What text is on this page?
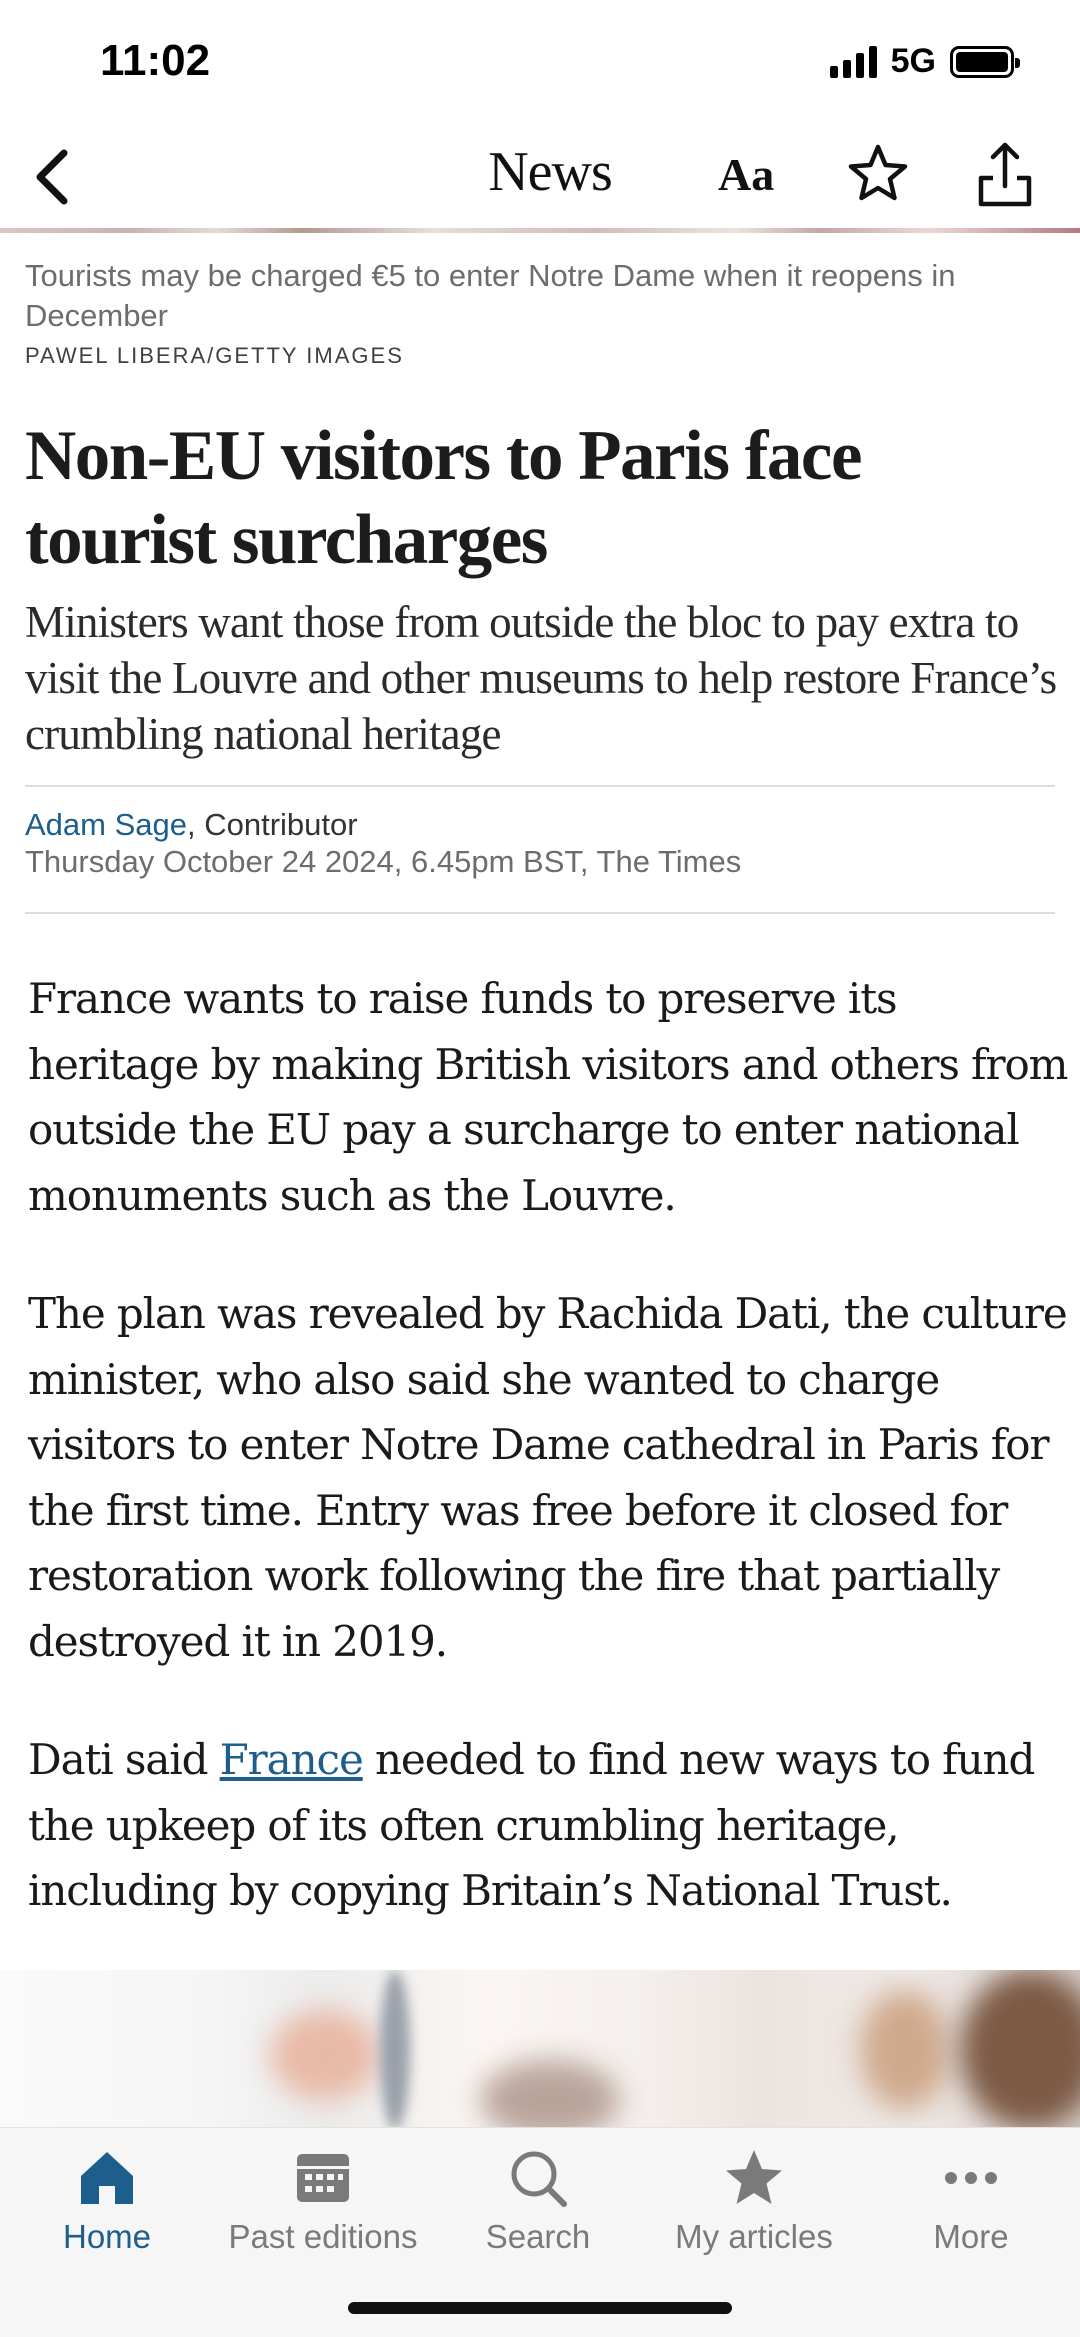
11:02	5G
News	Aa
Tourists may be charged €5 to enter Notre Dame when it reopens in December
PAWEL LIBERA/GETTY IMAGES
Non-EU visitors to Paris face tourist surcharges
Ministers want those from outside the bloc to pay extra to visit the Louvre and other museums to help restore France’s crumbling national heritage
Adam Sage, Contributor
Thursday October 24 2024, 6.45pm BST, The Times

France wants to raise funds to preserve its heritage by making British visitors and others from outside the EU pay a surcharge to enter national monuments such as the Louvre.

The plan was revealed by Rachida Dati, the culture minister, who also said she wanted to charge visitors to enter Notre Dame cathedral in Paris for the first time. Entry was free before it closed for restoration work following the fire that partially destroyed it in 2019.

Dati said France needed to find new ways to fund the upkeep of its often crumbling heritage, including by copying Britain’s National Trust.

Home Past editions Search	My articles	More
